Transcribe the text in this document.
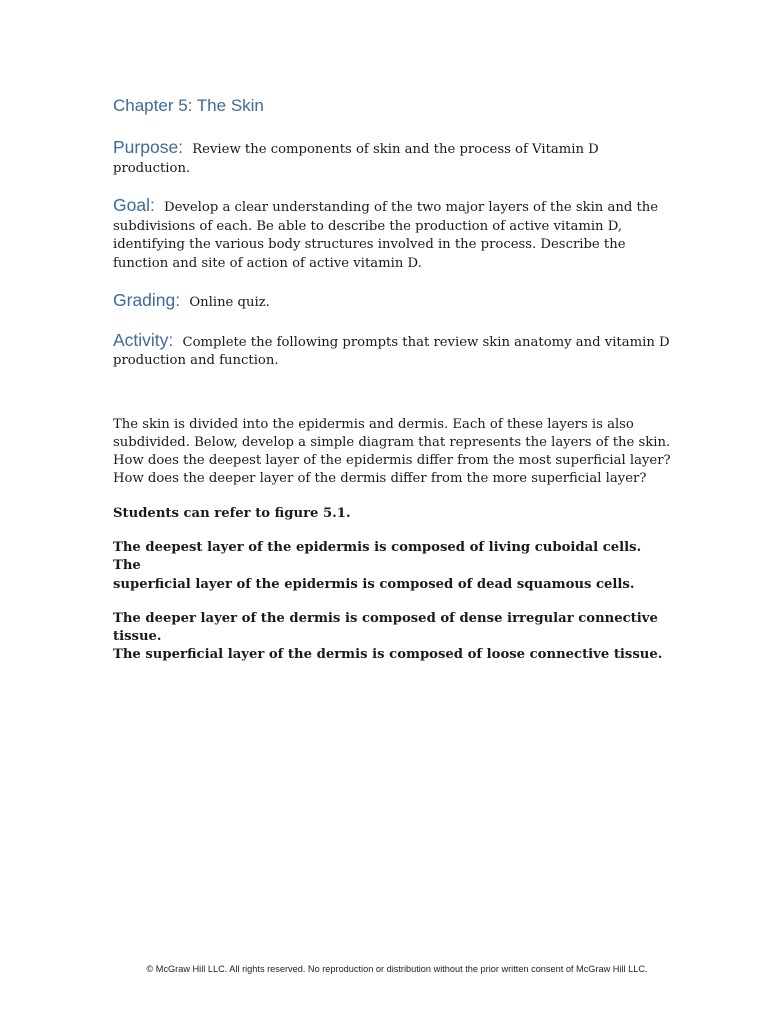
Chapter 5: The Skin
Purpose: Review the components of skin and the process of Vitamin D production.
Goal: Develop a clear understanding of the two major layers of the skin and the subdivisions of each. Be able to describe the production of active vitamin D, identifying the various body structures involved in the process. Describe the function and site of action of active vitamin D.
Grading: Online quiz.
Activity: Complete the following prompts that review skin anatomy and vitamin D production and function.
The skin is divided into the epidermis and dermis. Each of these layers is also
subdivided. Below, develop a simple diagram that represents the layers of the skin.
How does the deepest layer of the epidermis differ from the most superficial layer?
How does the deeper layer of the dermis differ from the more superficial layer?
Students can refer to figure 5.1.
The deepest layer of the epidermis is composed of living cuboidal cells. The
superficial layer of the epidermis is composed of dead squamous cells.
The deeper layer of the dermis is composed of dense irregular connective tissue.
The superficial layer of the dermis is composed of loose connective tissue.
© McGraw Hill LLC. All rights reserved. No reproduction or distribution without the prior written consent of McGraw Hill LLC.
